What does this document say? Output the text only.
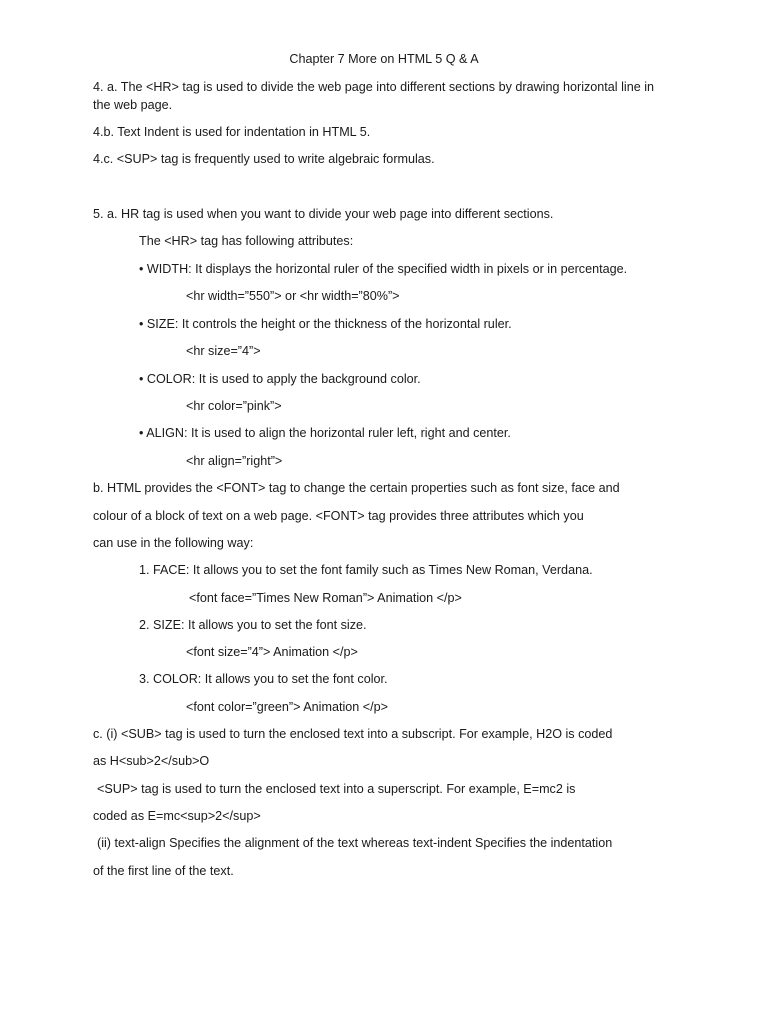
Chapter 7 More on HTML 5 Q & A
4. a. The <HR> tag is used to divide the web page into different sections by drawing horizontal line in
the web page.
4.b. Text Indent is used for indentation in HTML 5.
4.c. <SUP> tag is frequently used to write algebraic formulas.
5. a. HR tag is used when you want to divide your web page into different sections.
The <HR> tag has following attributes:
• WIDTH: It displays the horizontal ruler of the specified width in pixels or in percentage.
<hr width=”550”> or <hr width=”80%”>
• SIZE: It controls the height or the thickness of the horizontal ruler.
<hr size=”4”>
• COLOR: It is used to apply the background color.
<hr color=”pink”>
• ALIGN: It is used to align the horizontal ruler left, right and center.
<hr align=”right”>
b. HTML provides the <FONT> tag to change the certain properties such as font size, face and
colour of a block of text on a web page. <FONT> tag provides three attributes which you
can use in the following way:
1. FACE: It allows you to set the font family such as Times New Roman, Verdana.
<font face=”Times New Roman”> Animation </p>
2. SIZE: It allows you to set the font size.
<font size=”4”> Animation </p>
3. COLOR: It allows you to set the font color.
<font color=”green”> Animation </p>
c. (i) <SUB> tag is used to turn the enclosed text into a subscript. For example, H2O is coded
as H<sub>2</sub>O
<SUP> tag is used to turn the enclosed text into a superscript. For example, E=mc2 is
coded as E=mc<sup>2</sup>
(ii) text-align Specifies the alignment of the text whereas text-indent Specifies the indentation
of the first line of the text.
